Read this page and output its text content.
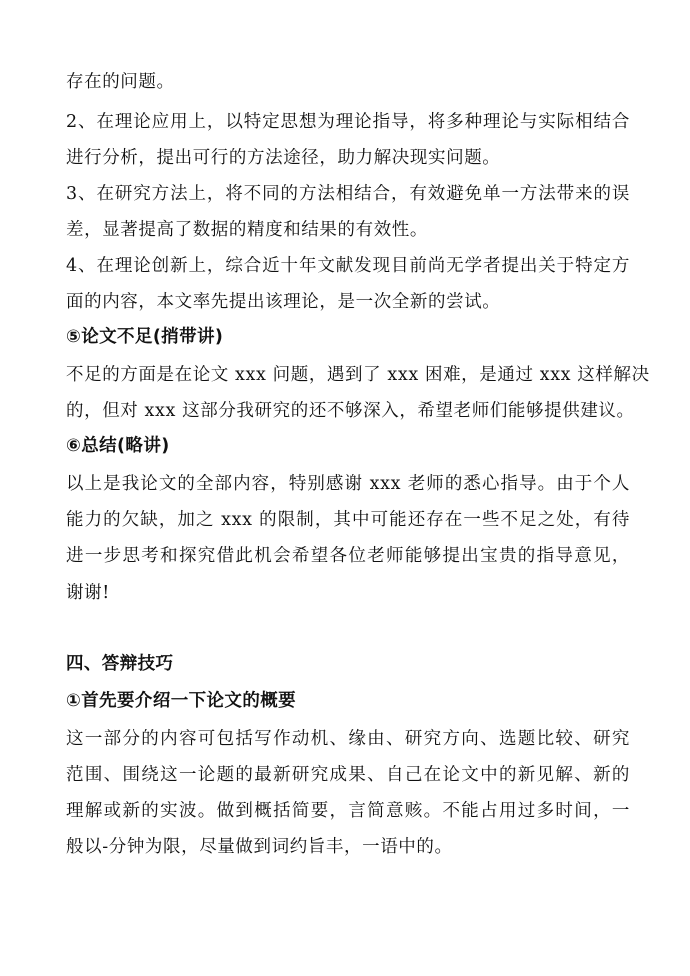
存在的问题。
2、在理论应用上，以特定思想为理论指导，将多种理论与实际相结合
进行分析，提出可行的方法途径，助力解决现实问题。
3、在研究方法上，将不同的方法相结合，有效避免单一方法带来的误
差，显著提高了数据的精度和结果的有效性。
4、在理论创新上，综合近十年文献发现目前尚无学者提出关于特定方
面的内容，本文率先提出该理论，是一次全新的尝试。
⑤论文不足(捎带讲)
不足的方面是在论文 xxx 问题，遇到了 xxx 困难，是通过 xxx 这样解决
的，但对 xxx 这部分我研究的还不够深入，希望老师们能够提供建议。
⑥总结(略讲)
以上是我论文的全部内容，特别感谢 xxx 老师的悉心指导。由于个人
能力的欠缺，加之 xxx 的限制，其中可能还存在一些不足之处，有待
进一步思考和探究借此机会希望各位老师能够提出宝贵的指导意见，
谢谢!
四、答辩技巧
①首先要介绍一下论文的概要
这一部分的内容可包括写作动机、缘由、研究方向、选题比较、研究
范围、围绕这一论题的最新研究成果、自己在论文中的新见解、新的
理解或新的实波。做到概括简要，言简意赅。不能占用过多时间，一
般以-分钟为限，尽量做到词约旨丰，一语中的。
